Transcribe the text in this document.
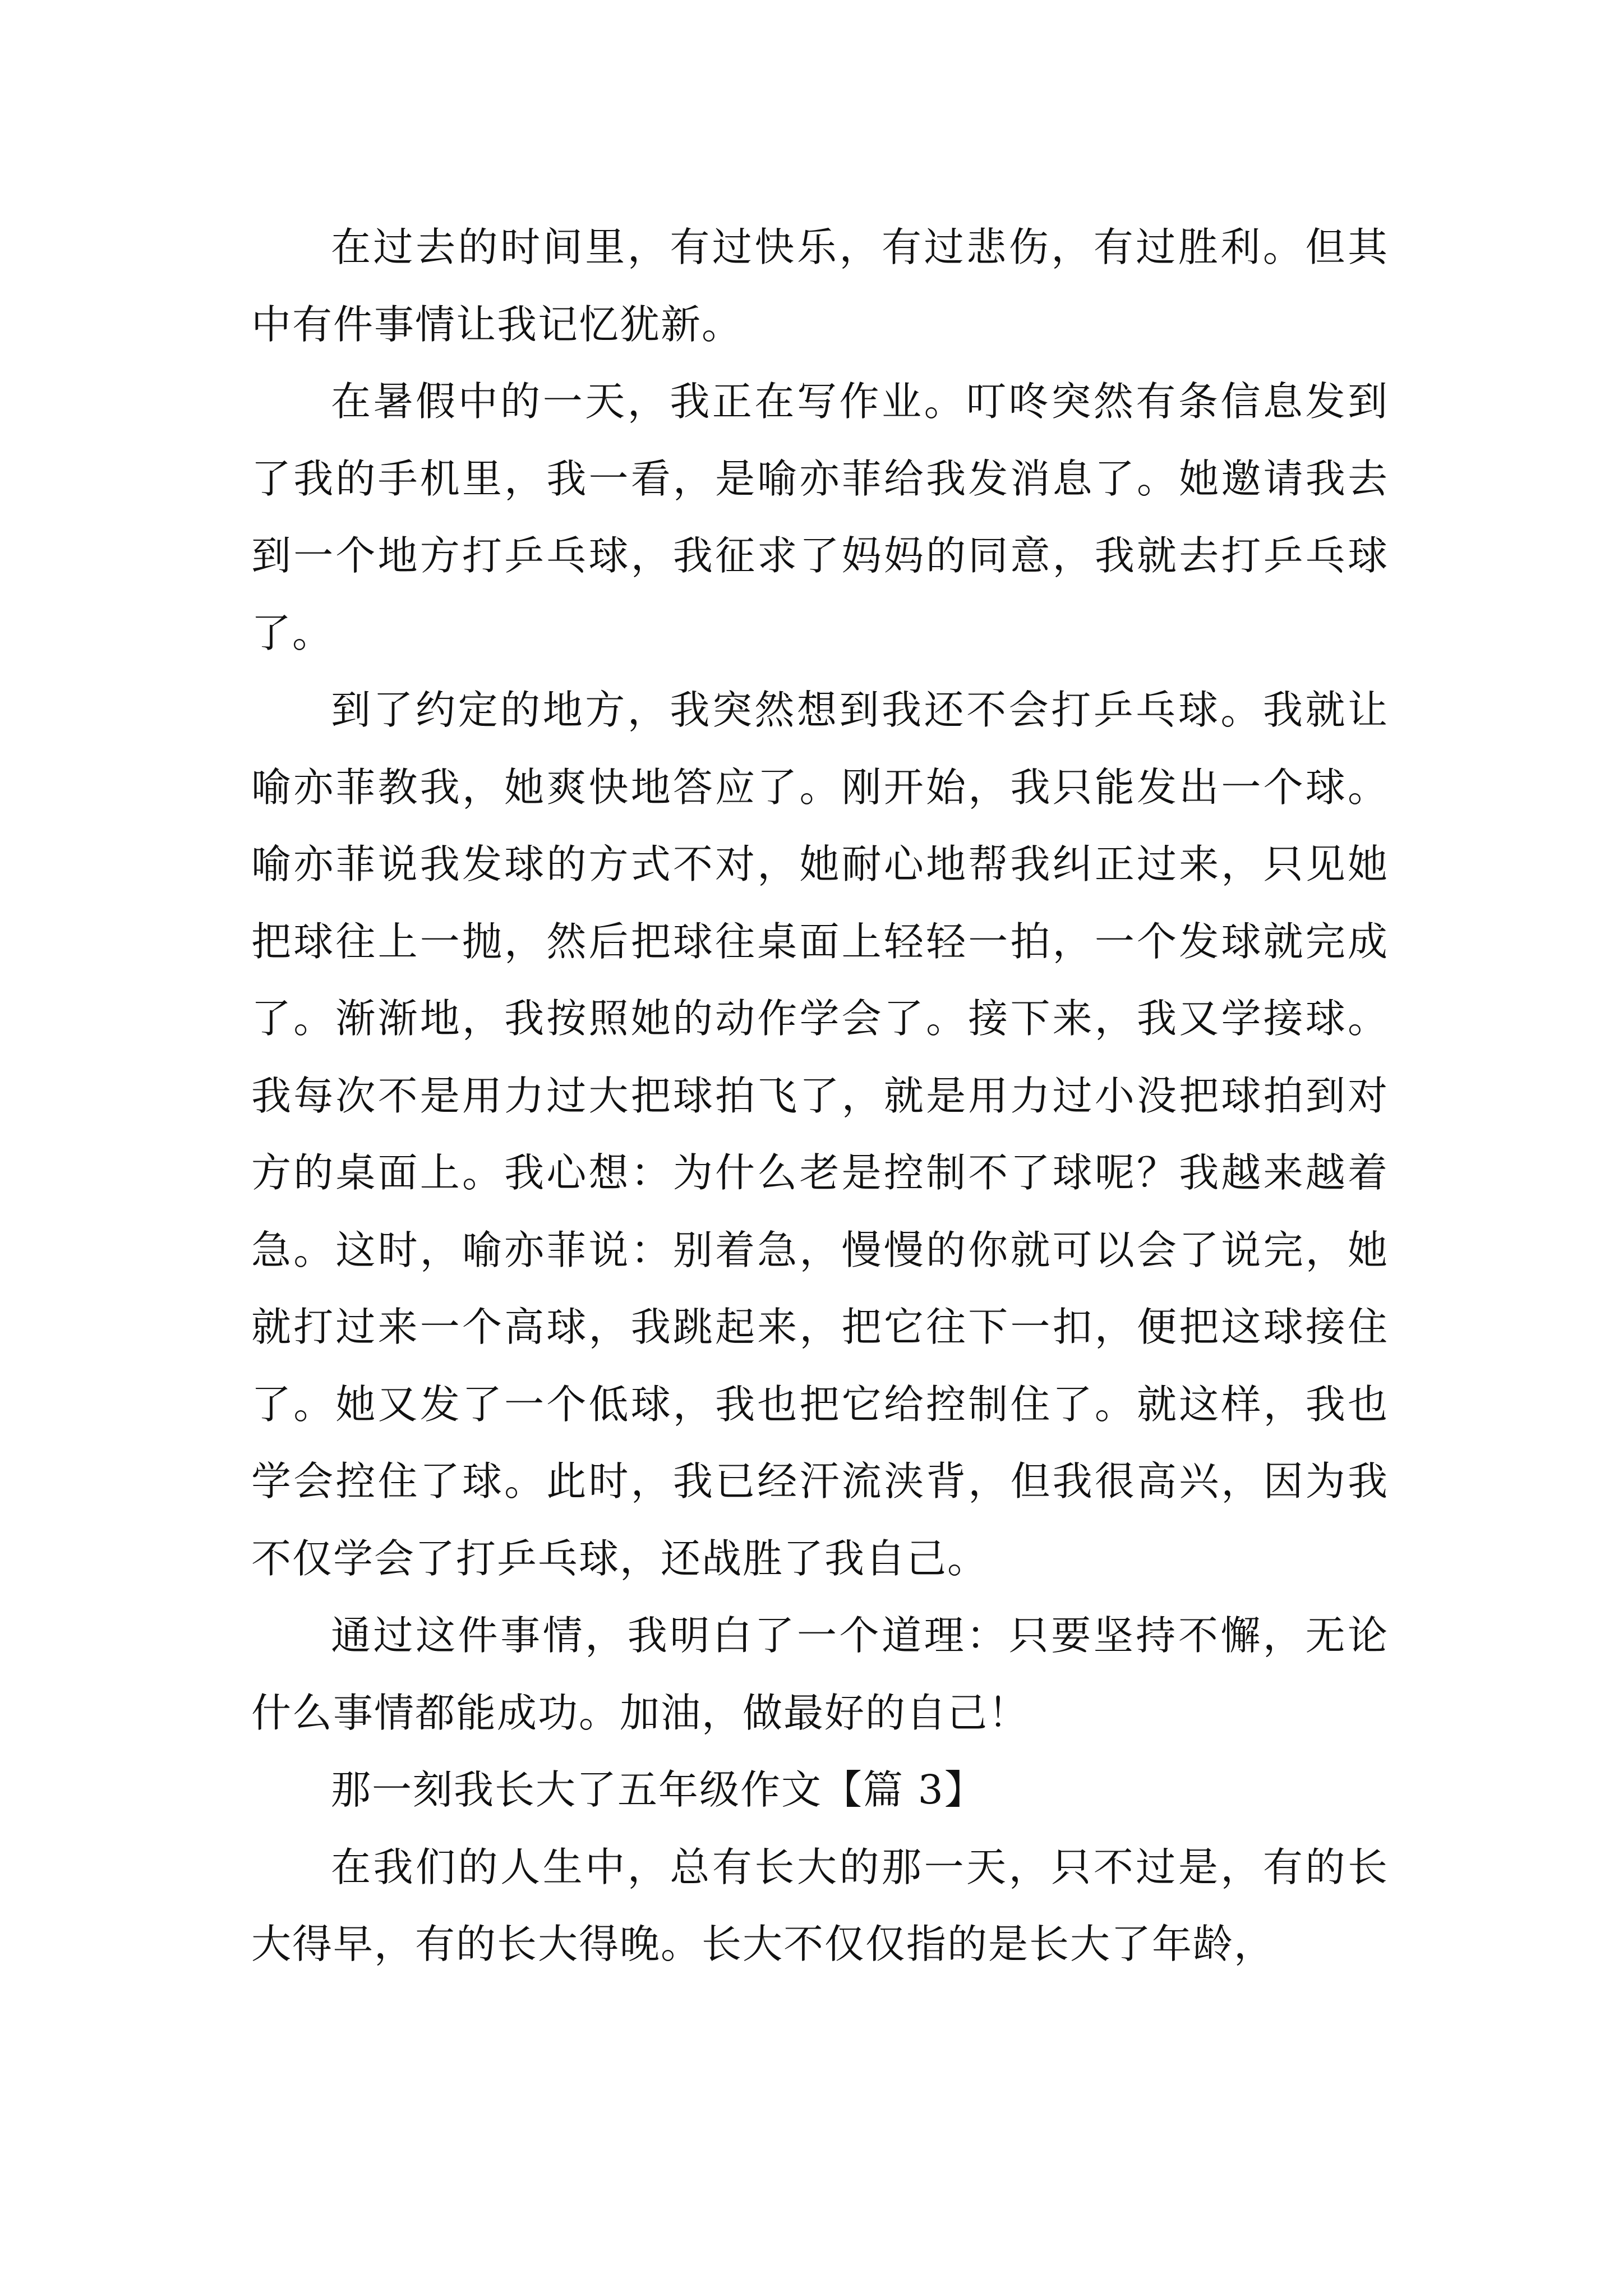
在过去的时间里，有过快乐，有过悲伤，有过胜利。但其中有件事情让我记忆犹新。

在暑假中的一天，我正在写作业。叮咚突然有条信息发到了我的手机里，我一看，是喻亦菲给我发消息了。她邀请我去到一个地方打乒乓球，我征求了妈妈的同意，我就去打乒乓球了。

到了约定的地方，我突然想到我还不会打乒乓球。我就让喻亦菲教我，她爽快地答应了。刚开始，我只能发出一个球。喻亦菲说我发球的方式不对，她耐心地帮我纠正过来，只见她把球往上一抛，然后把球往桌面上轻轻一拍，一个发球就完成了。渐渐地，我按照她的动作学会了。接下来，我又学接球。我每次不是用力过大把球拍飞了，就是用力过小没把球拍到对方的桌面上。我心想：为什么老是控制不了球呢？我越来越着急。这时，喻亦菲说：别着急，慢慢的你就可以会了说完，她就打过来一个高球，我跳起来，把它往下一扣，便把这球接住了。她又发了一个低球，我也把它给控制住了。就这样，我也学会控住了球。此时，我已经汗流浃背，但我很高兴，因为我不仅学会了打乒乓球，还战胜了我自己。

通过这件事情，我明白了一个道理：只要坚持不懈，无论什么事情都能成功。加油，做最好的自己！

那一刻我长大了五年级作文【篇 3】

在我们的人生中，总有长大的那一天，只不过是，有的长大得早，有的长大得晚。长大不仅仅指的是长大了年龄，
